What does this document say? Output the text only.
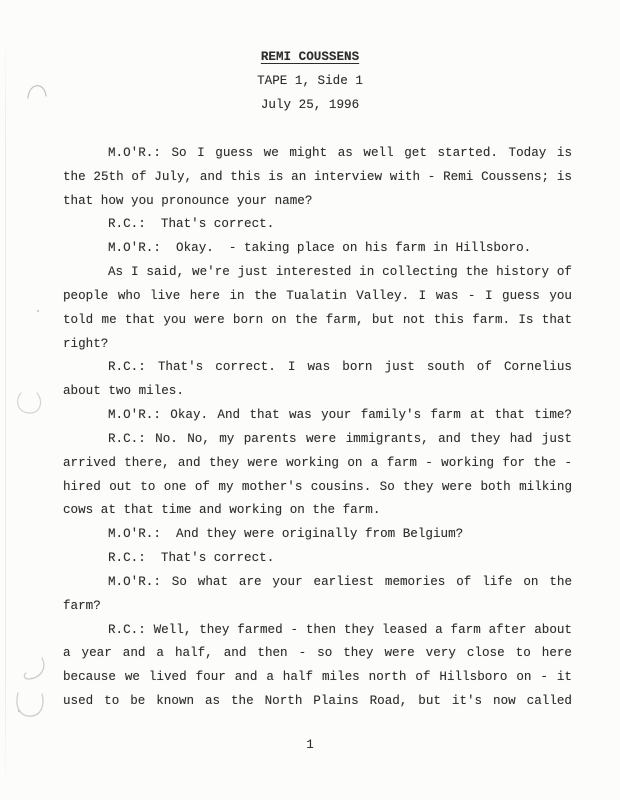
REMI COUSSENS
TAPE 1, Side 1
July 25, 1996
M.O'R.: So I guess we might as well get started. Today is
the 25th of July, and this is an interview with - Remi Coussens; is
that how you pronounce your name?
R.C.:  That's correct.
M.O'R.:  Okay.  - taking place on his farm in Hillsboro.
As I said, we're just interested in collecting the history of
people who live here in the Tualatin Valley. I was - I guess you
told me that you were born on the farm, but not this farm. Is that
right?
R.C.: That's correct. I was born just south of Cornelius
about two miles.
M.O'R.: Okay. And that was your family's farm at that time?
R.C.: No. No, my parents were immigrants, and they had just
arrived there, and they were working on a farm - working for the -
hired out to one of my mother's cousins. So they were both milking
cows at that time and working on the farm.
M.O'R.:  And they were originally from Belgium?
R.C.:  That's correct.
M.O'R.: So what are your earliest memories of life on the
farm?
R.C.: Well, they farmed - then they leased a farm after about
a year and a half, and then - so they were very close to here
because we lived four and a half miles north of Hillsboro on - it
used to be known as the North Plains Road, but it's now called
1
